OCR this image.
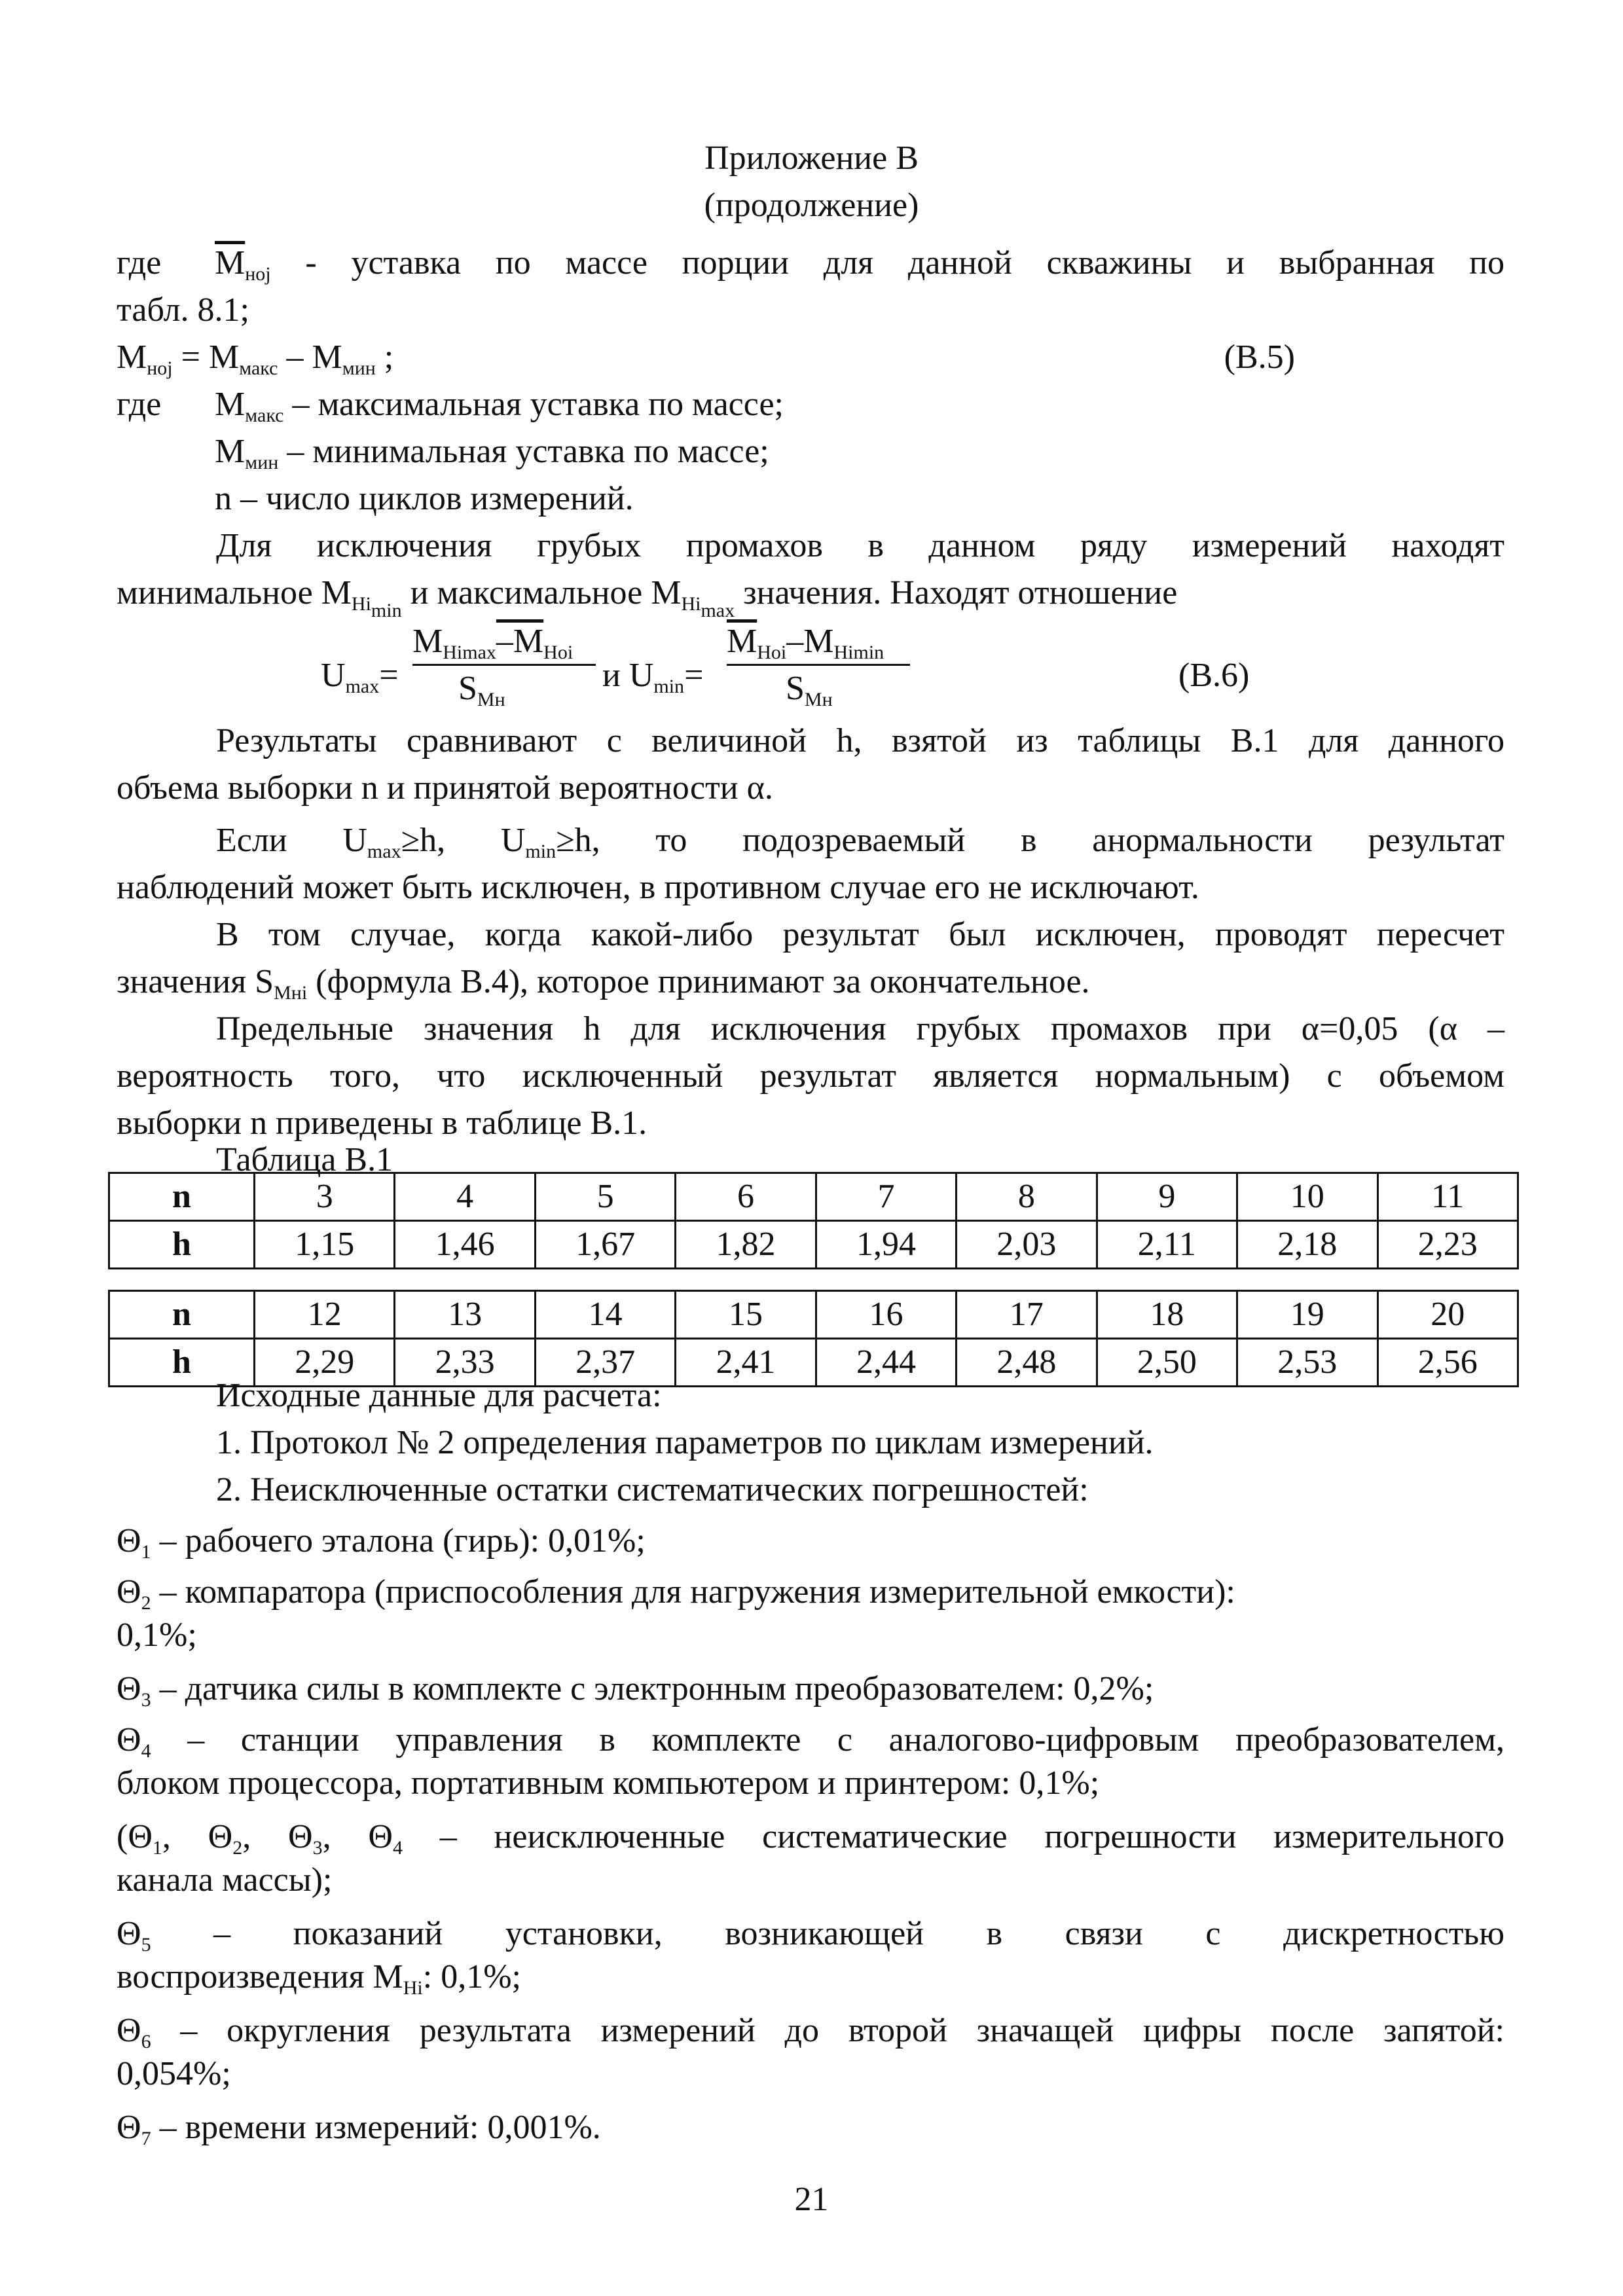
Приложение В
(продолжение)
где $\overline{M}_{нoj}$ - уставка по массе порции для данной скважины и выбранная по
табл. 8.1;
$M_{нoj} = M_{макс} - M_{мин}$ ;	(В.5)
где $M_{макс}$ – максимальная уставка по массе;
$M_{мин}$ – минимальная уставка по массе;
n – число циклов измерений.
Для исключения грубых промахов в данном ряду измерений находят
минимальное $M_{Hi_{min}}$ и максимальное $M_{Hi_{max}}$ значения. Находят отношение
$U_{max}=$
$M_{Himax}-M_{Hoi}$
$S_{Mн}$
и $U_{min}=$
$\overline{M}_{Hoi}-M_{Himin}$
$S_{Mн}$
(В.6)
Результаты сравнивают с величиной h, взятой из таблицы В.1 для данного
объема выборки n и принятой вероятности α.
Если $U_{max}\ge h$, $U_{min}\ge h$, то подозреваемый в анормальности результат
наблюдений может быть исключен, в противном случае его не исключают.
В том случае, когда какой-либо результат был исключен, проводят пересчет
значения $S_{Mнi}$ (формула В.4), которое принимают за окончательное.
Предельные значения h для исключения грубых промахов при α=0,05 (α –
вероятность того, что исключенный результат является нормальным) с объемом
выборки n приведены в таблице В.1.
Таблица В.1
n	3	4	5	6	7	8	9	10	11
h	1,15	1,46	1,67	1,82	1,94	2,03	2,11	2,18	2,23
n	12	13	14	15	16	17	18	19	20
h	2,29	2,33	2,37	2,41	2,44	2,48	2,50	2,53	2,56
Исходные данные для расчета:
1. Протокол № 2 определения параметров по циклам измерений.
2. Неисключенные остатки систематических погрешностей:
$\Theta_1$ – рабочего эталона (гирь): 0,01%;
$\Theta_2$ – компаратора (приспособления для нагружения измерительной емкости):
0,1%;
$\Theta_3$ – датчика силы в комплекте с электронным преобразователем: 0,2%;
$\Theta_4$ – станции управления в комплекте с аналогово-цифровым преобразователем,
блоком процессора, портативным компьютером и принтером: 0,1%;
($\Theta_1$, $\Theta_2$, $\Theta_3$, $\Theta_4$ – неисключенные систематические погрешности измерительного
канала массы);
$\Theta_5$ – показаний установки, возникающей в связи с дискретностью
воспроизведения $M_{Hi}$: 0,1%;
$\Theta_6$ – округления результата измерений до второй значащей цифры после запятой:
0,054%;
$\Theta_7$ – времени измерений: 0,001%.
21
